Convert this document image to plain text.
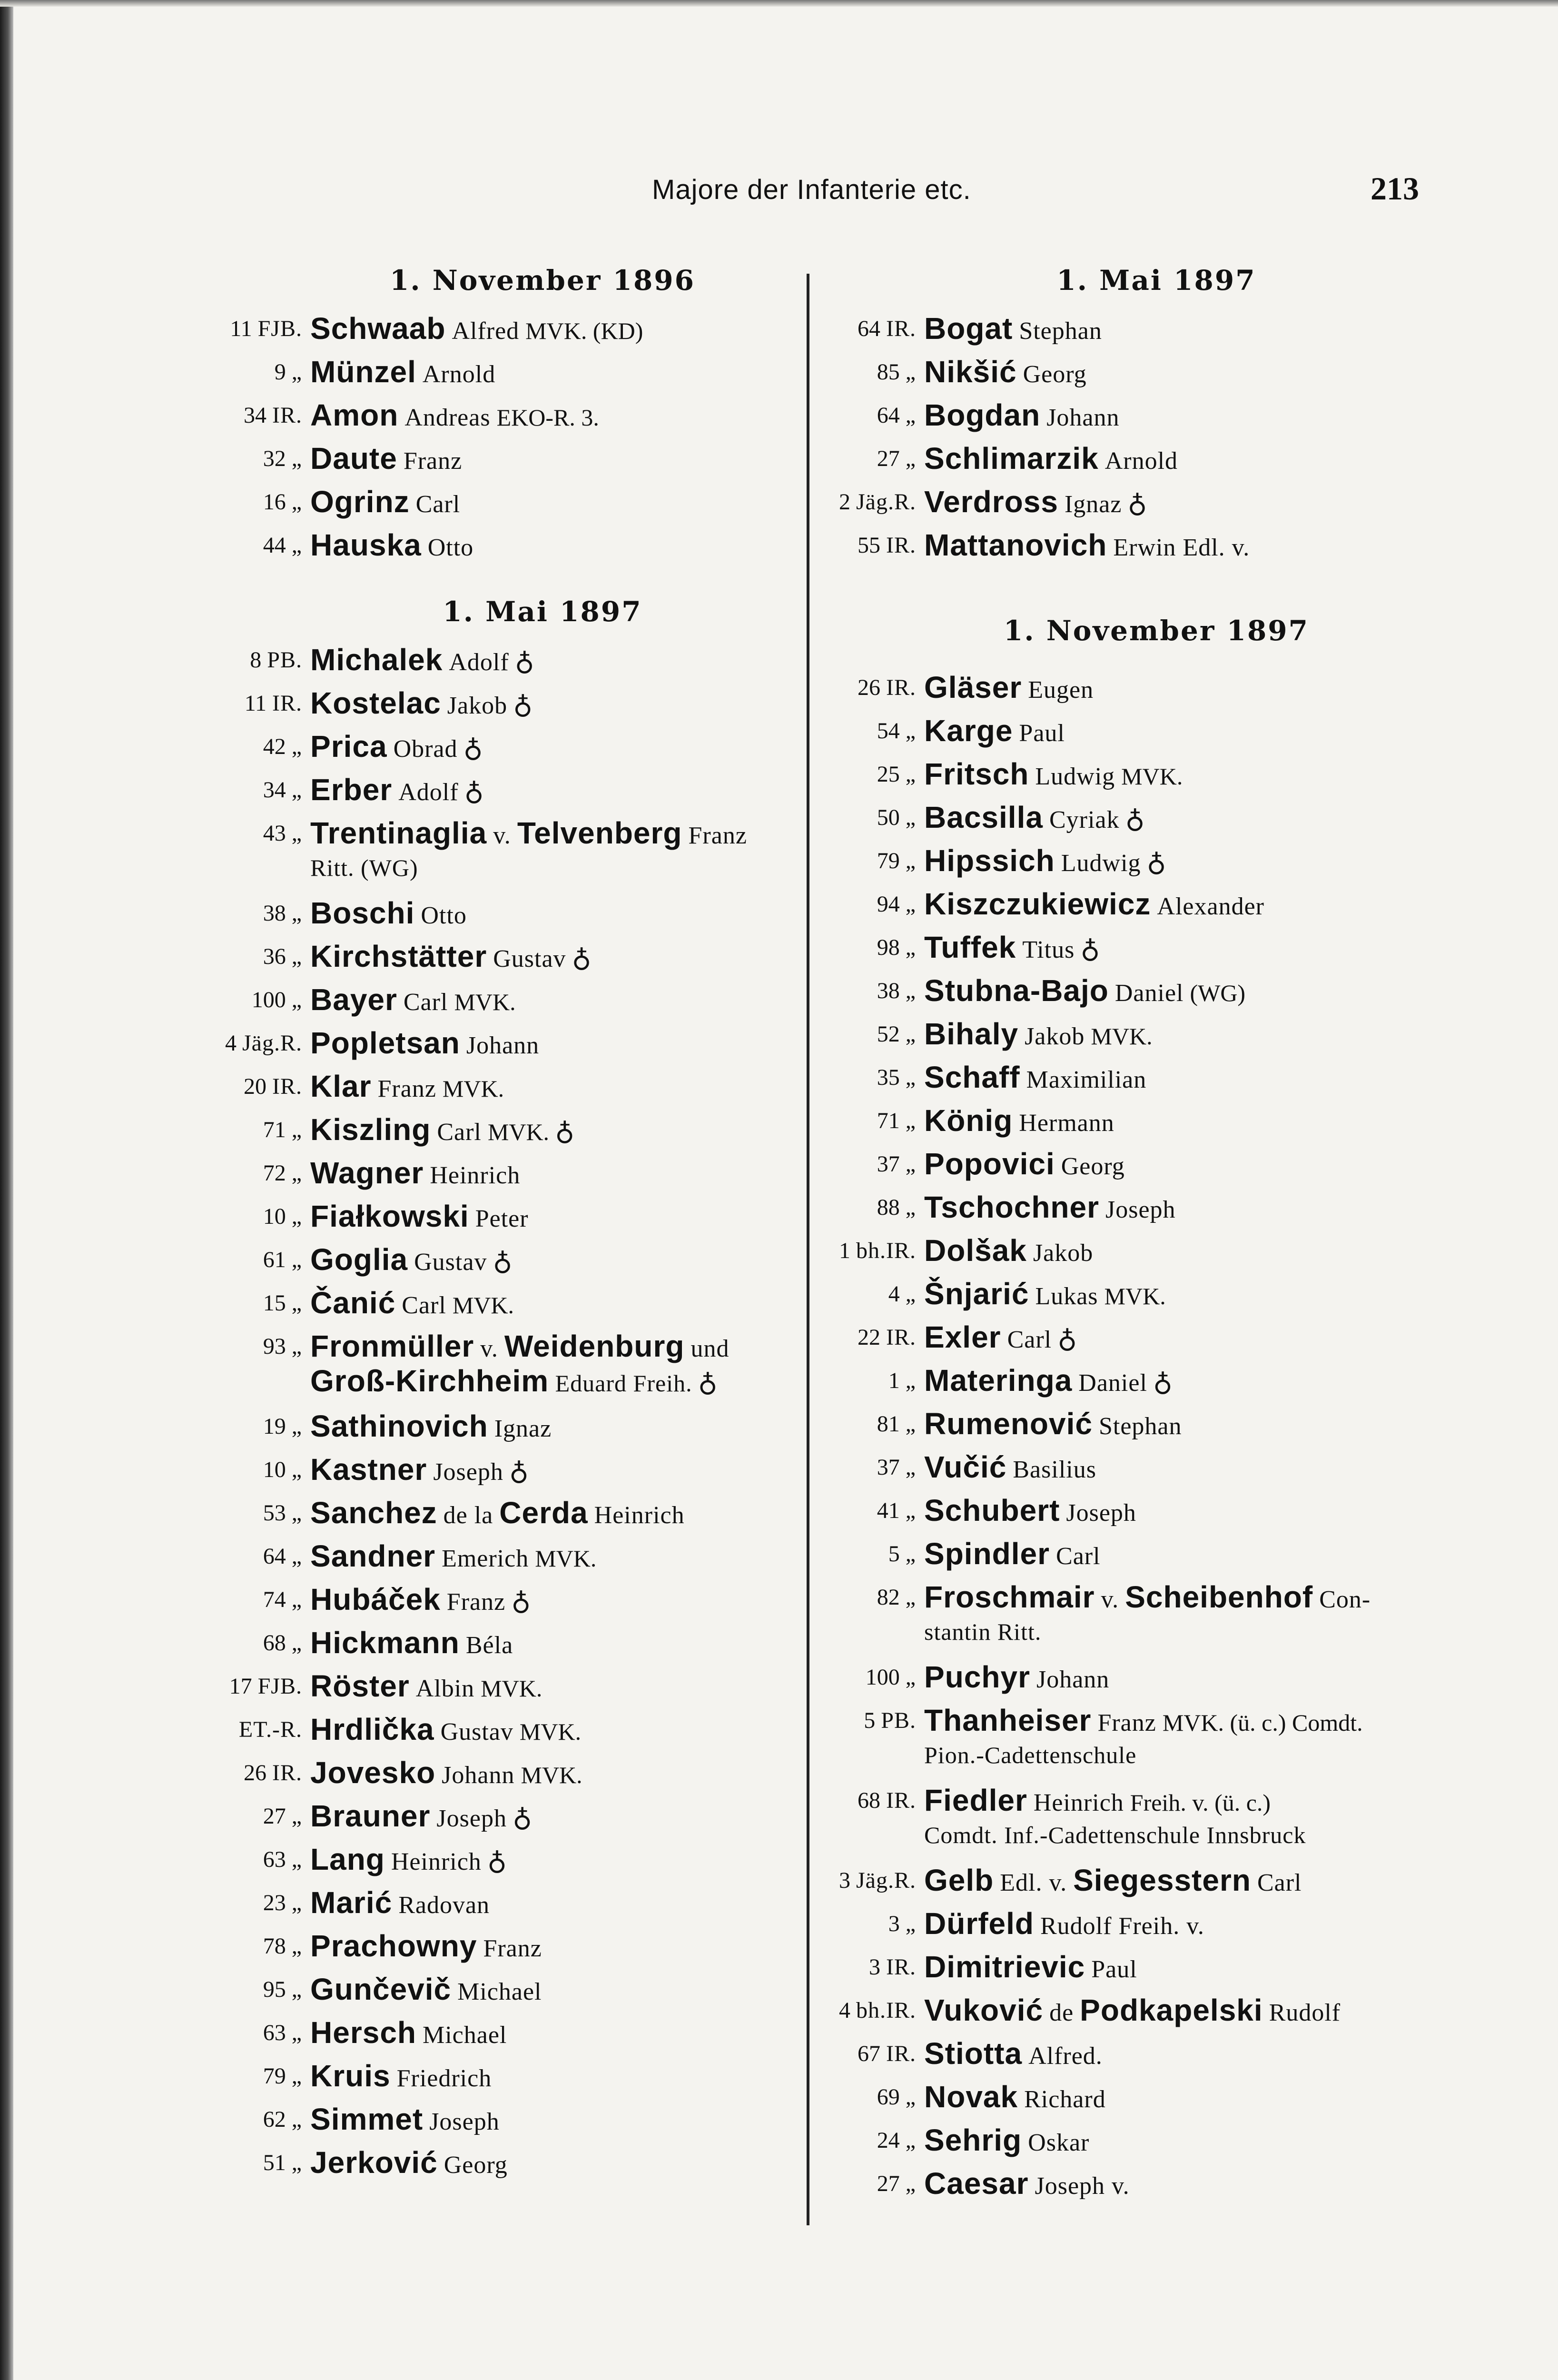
Majore der Infanterie etc.	213
1. November 1896
11 FJB. Schwaab Alfred MVK. (KD)
9 „ Münzel Arnold
34 IR. Amon Andreas EKO-R. 3.
32 „ Daute Franz
16 „ Ogrinz Carl
44 „ Hauska Otto
1. Mai 1897
8 PB. Michalek Adolf ♁
11 IR. Kostelac Jakob ♁
42 „ Prica Obrad ♁
34 „ Erber Adolf ♁
43 „ Trentinaglia v. Telvenberg Franz
Ritt. (WG)
38 „ Boschi Otto
36 „ Kirchstätter Gustav ♁
100 „ Bayer Carl MVK.
4 Jäg.R. Popletsan Johann
20 IR. Klar Franz MVK.
71 „ Kiszling Carl MVK. ♁
72 „ Wagner Heinrich
10 „ Fiałkowski Peter
61 „ Goglia Gustav ♁
15 „ Čanić Carl MVK.
93 „ Fronmüller v. Weidenburg und
Groß-Kirchheim Eduard Freih. ♁
19 „ Sathinovich Ignaz
10 „ Kastner Joseph ♁
53 „ Sanchez de la Cerda Heinrich
64 „ Sandner Emerich MVK.
74 „ Hubáček Franz ♁
68 „ Hickmann Béla
17 FJB. Röster Albin MVK.
ET.-R. Hrdlička Gustav MVK.
26 IR. Jovesko Johann MVK.
27 „ Brauner Joseph ♁
63 „ Lang Heinrich ♁
23 „ Marić Radovan
78 „ Prachowny Franz
95 „ Gunčevič Michael
63 „ Hersch Michael
79 „ Kruis Friedrich
62 „ Simmet Joseph
51 „ Jerković Georg
1. Mai 1897
64 IR. Bogat Stephan
85 „ Nikšić Georg
64 „ Bogdan Johann
27 „ Schlimarzik Arnold
2 Jäg.R. Verdross Ignaz ♁
55 IR. Mattanovich Erwin Edl. v.
1. November 1897
26 IR. Gläser Eugen
54 „ Karge Paul
25 „ Fritsch Ludwig MVK.
50 „ Bacsilla Cyriak ♁
79 „ Hipssich Ludwig ♁
94 „ Kiszczukiewicz Alexander
98 „ Tuffek Titus ♁
38 „ Stubna-Bajo Daniel (WG)
52 „ Bihaly Jakob MVK.
35 „ Schaff Maximilian
71 „ König Hermann
37 „ Popovici Georg
88 „ Tschochner Joseph
1 bh.IR. Dolšak Jakob
4 „ Šnjarić Lukas MVK.
22 IR. Exler Carl ♁
1 „ Materinga Daniel ♁
81 „ Rumenović Stephan
37 „ Vučić Basilius
41 „ Schubert Joseph
5 „ Spindler Carl
82 „ Froschmair v. Scheibenhof Con-
stantin Ritt.
100 „ Puchyr Johann
5 PB. Thanheiser Franz MVK. (ü. c.) Comdt.
Pion.-Cadettenschule
68 IR. Fiedler Heinrich Freih. v. (ü. c.)
Comdt. Inf.-Cadettenschule Innsbruck
3 Jäg.R. Gelb Edl. v. Siegesstern Carl
3 „ Dürfeld Rudolf Freih. v.
3 IR. Dimitrievic Paul
4 bh.IR. Vuković de Podkapelski Rudolf
67 IR. Stiotta Alfred.
69 „ Novak Richard
24 „ Sehrig Oskar
27 „ Caesar Joseph v.
